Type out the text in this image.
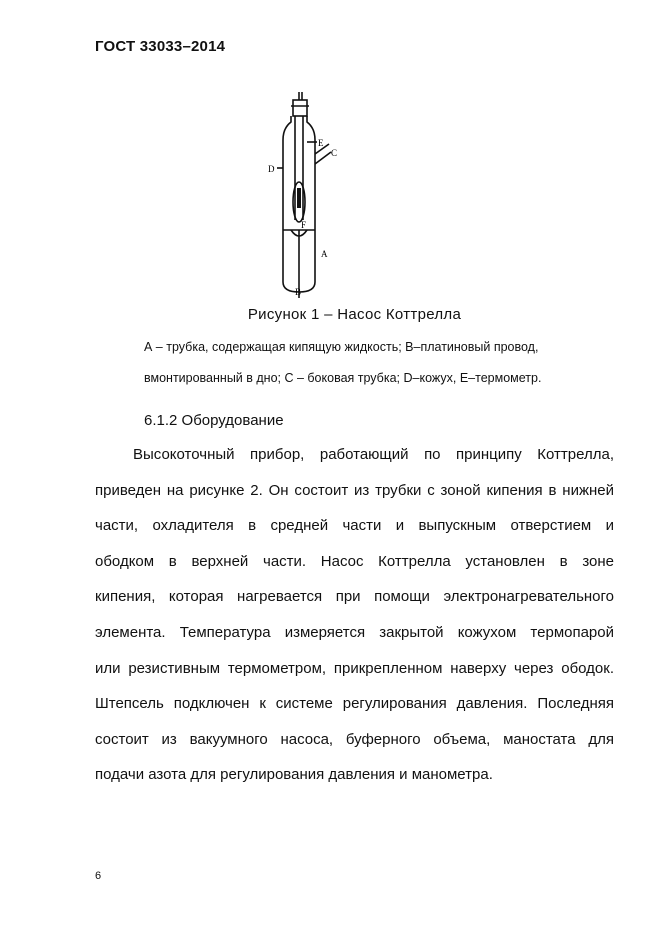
ГОСТ 33033–2014
D
E
C
F
A
B
Рисунок 1 – Насос Коттрелла
А – трубка, содержащая кипящую жидкость; В–платиновый провод,
вмонтированный в дно; С – боковая трубка; D–кожух, E–термометр.
6.1.2 Оборудование
Высокоточный прибор, работающий по принципу Коттрелла,
приведен на рисунке 2. Он состоит из трубки с зоной кипения в нижней
части, охладителя в средней части и выпускным отверстием и
ободком в верхней части. Насос Коттрелла установлен в зоне
кипения, которая нагревается при помощи электронагревательного
элемента. Температура измеряется закрытой кожухом термопарой
или резистивным термометром, прикрепленном наверху через ободок.
Штепсель подключен к системе регулирования давления. Последняя
состоит из вакуумного насоса, буферного объема, маностата для
подачи азота для регулирования давления и манометра.
6
